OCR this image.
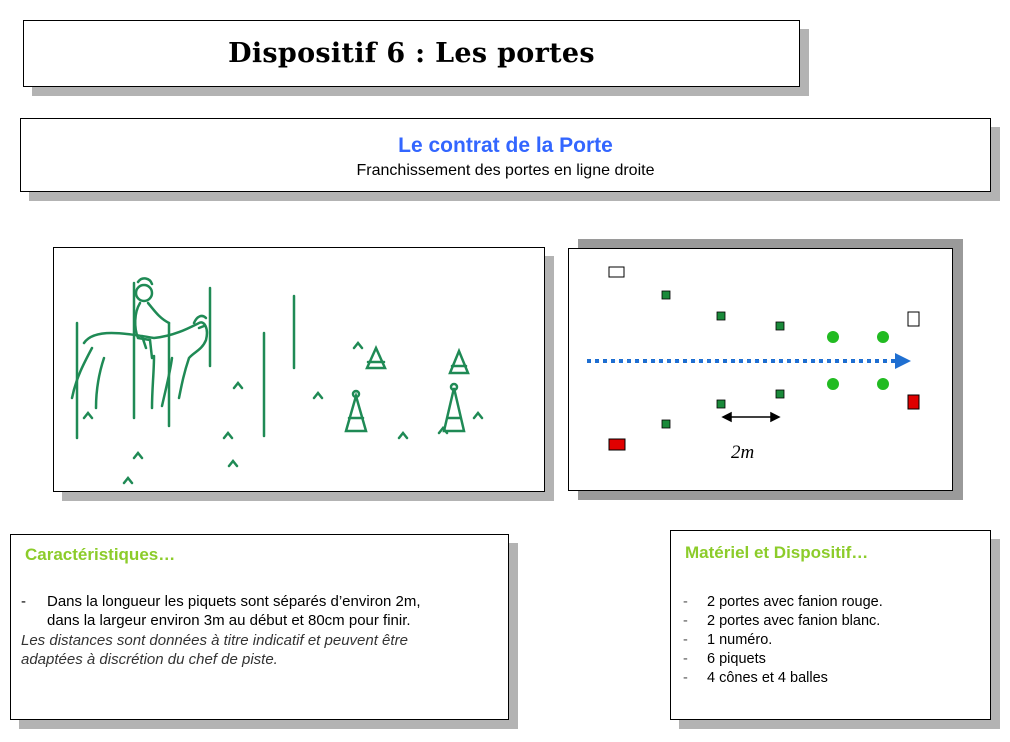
Dispositif 6 : Les portes
Le contrat de la Porte
Franchissement des portes en ligne droite
2m
Caractéristiques…
- Dans la longueur les piquets sont séparés d’environ 2m,
dans la largeur environ 3m au début et 80cm pour finir.
Les distances sont données à titre indicatif et peuvent être
adaptées à discrétion du chef de piste.
Matériel et Dispositif…
- 2 portes avec fanion rouge.
- 2 portes avec fanion blanc.
- 1 numéro.
- 6 piquets
- 4 cônes et 4 balles
